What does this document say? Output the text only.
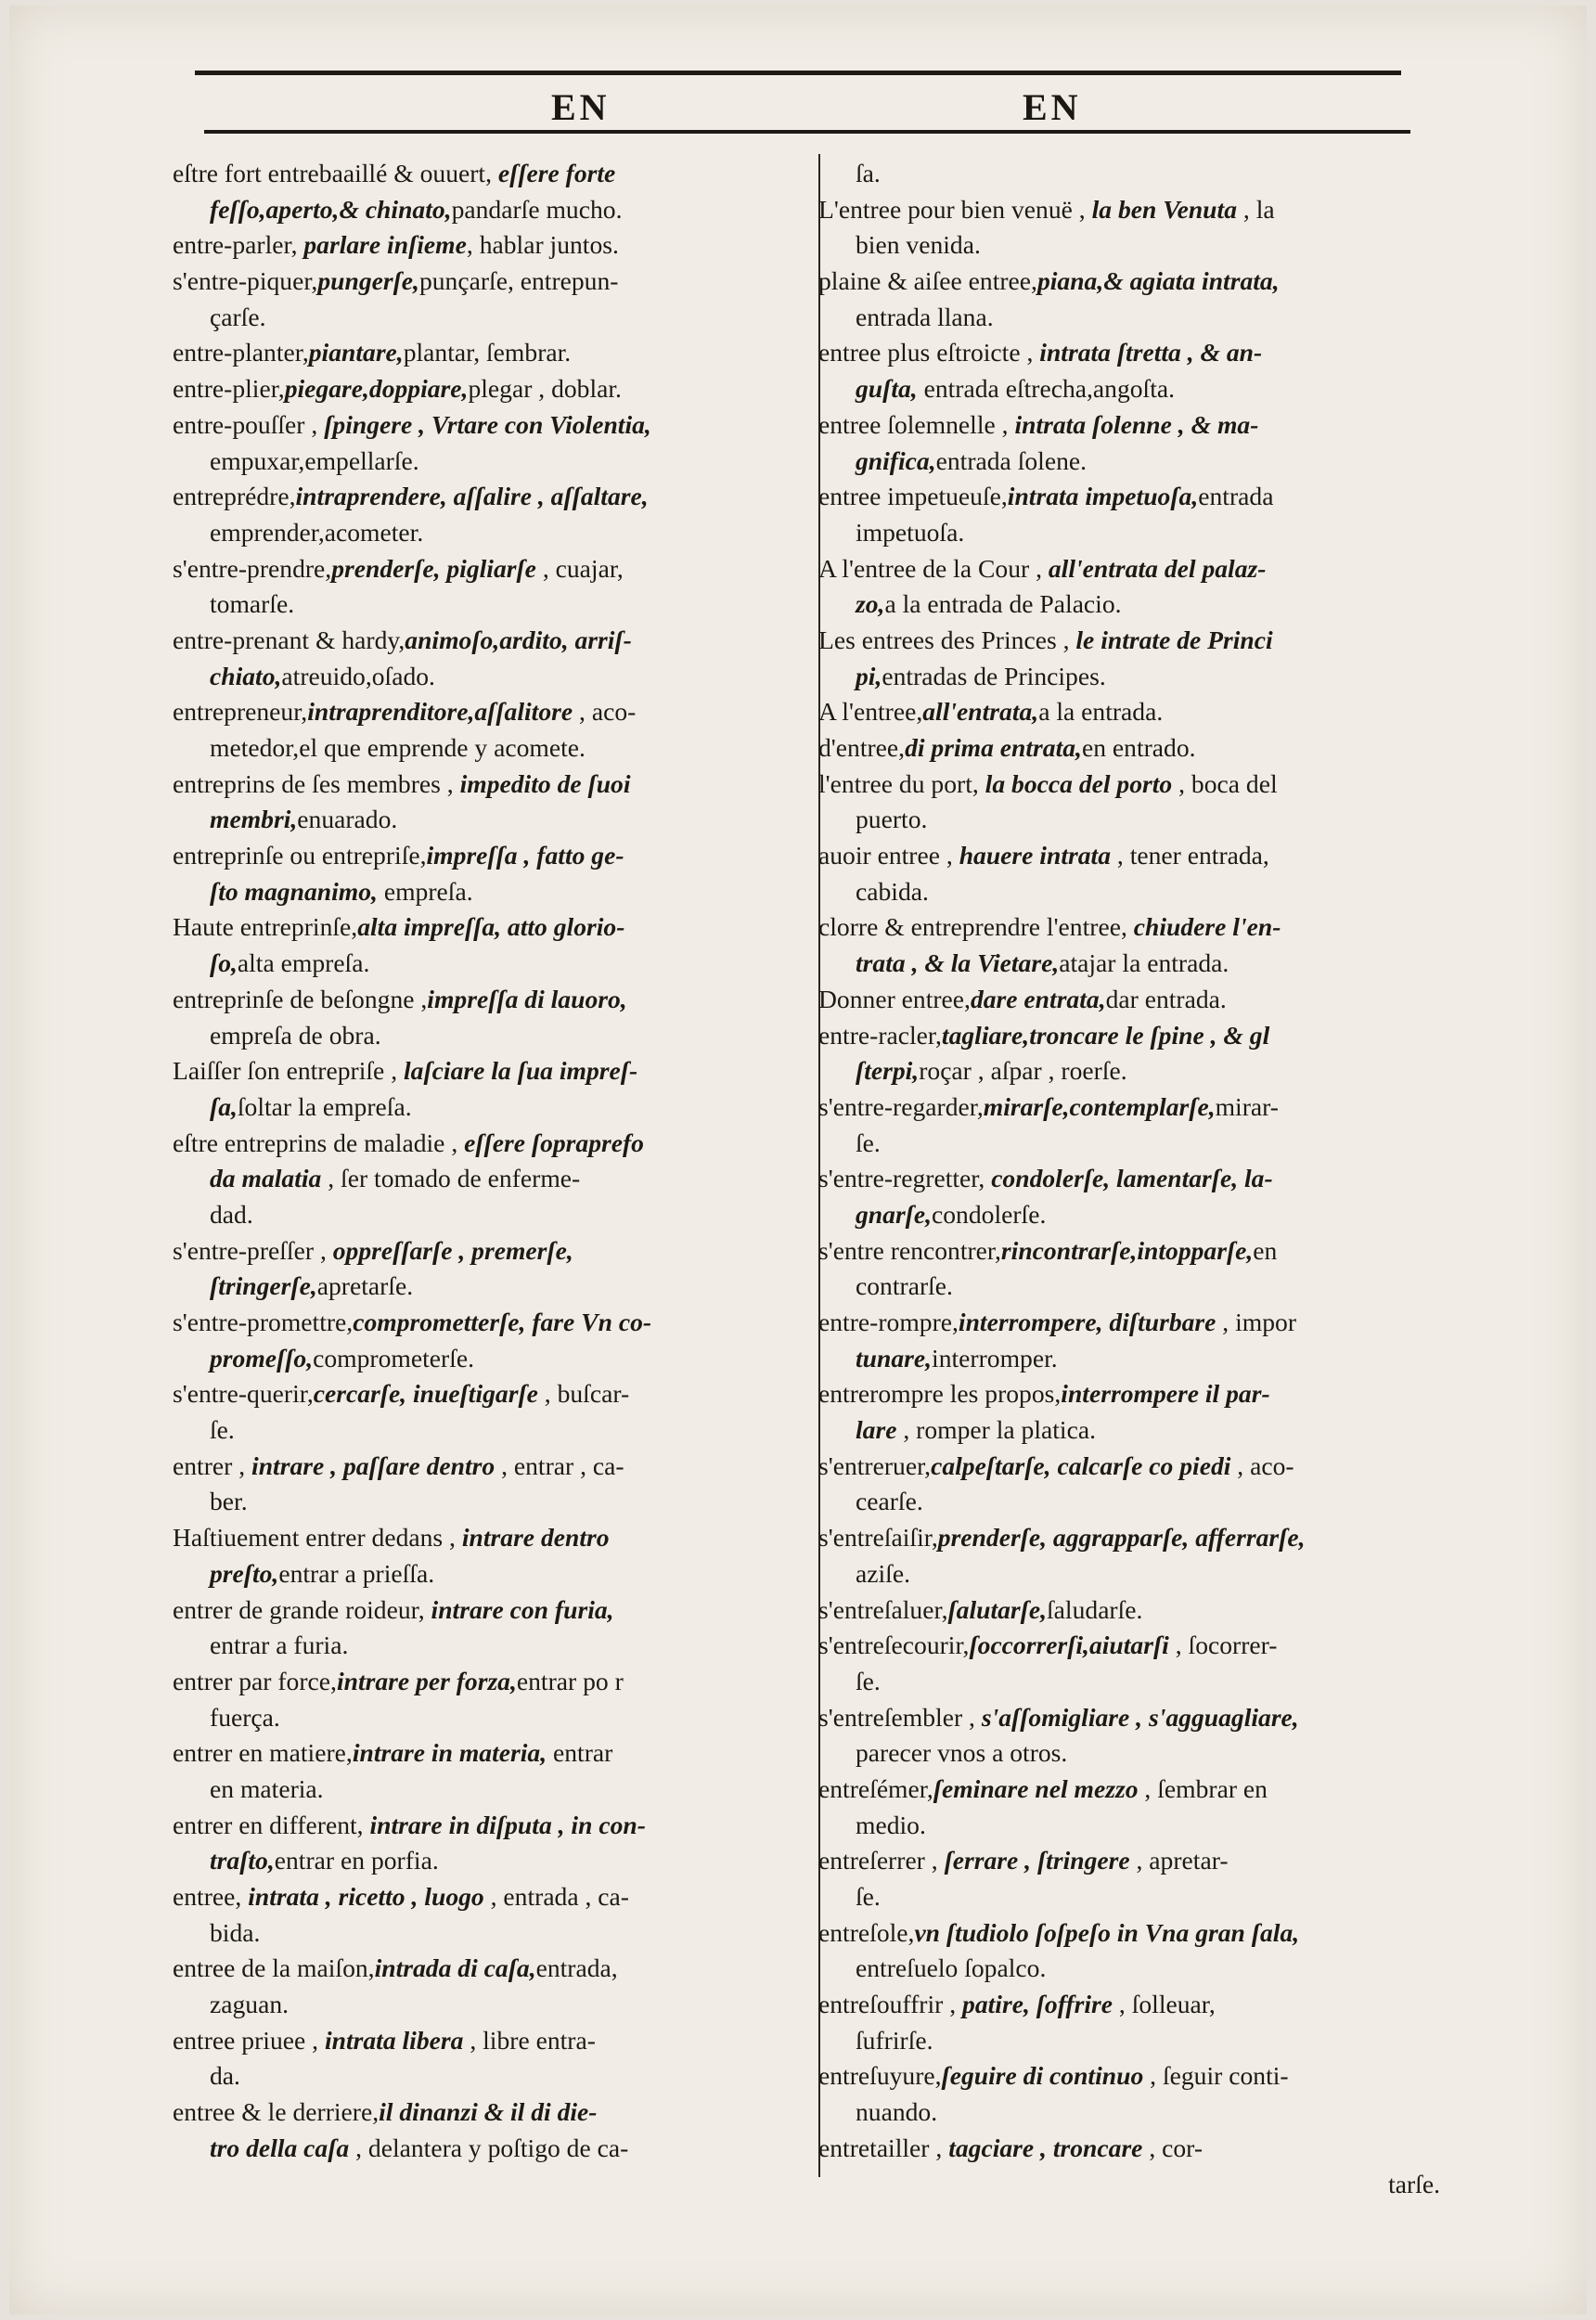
EN	EN
eſtre fort entrebaaillé & ouuert, eſſere forte
feſſo,aperto,& chinato,pandarſe mucho.
entre-parler, parlare inſieme, hablar juntos.
s'entre-piquer,pungerſe,punçarſe, entrepun-
çarſe.
entre-planter,piantare,plantar, ſembrar.
entre-plier,piegare,doppiare,plegar , doblar.
entre-pouſſer , ſpingere , Vrtare con Violentia,
empuxar,empellarſe.
entreprédre,intraprendere, aſſalire , aſſaltare,
emprender,acometer.
s'entre-prendre,prenderſe, pigliarſe , cuajar,
tomarſe.
entre-prenant & hardy,animoſo,ardito, arriſ-
chiato,atreuido,oſado.
entrepreneur,intraprenditore,aſſalitore , aco-
metedor,el que emprende y acomete.
entreprins de ſes membres , impedito de ſuoi
membri,enuarado.
entreprinſe ou entrepriſe,impreſſa , fatto ge-
ſto magnanimo, empreſa.
Haute entreprinſe,alta impreſſa, atto glorio-
ſo,alta empreſa.
entreprinſe de beſongne ,impreſſa di lauoro,
empreſa de obra.
Laiſſer ſon entrepriſe , laſciare la ſua impreſ-
ſa,ſoltar la empreſa.
eſtre entreprins de maladie , eſſere ſopraprefo
da malatia , ſer tomado de enferme-
dad.
s'entre-preſſer , oppreſſarſe , premerſe,
ſtringerſe,apretarſe.
s'entre-promettre,comprometterſe, fare Vn co-
promeſſo,comprometerſe.
s'entre-querir,cercarſe, inueſtigarſe , buſcar-
ſe.
entrer , intrare , paſſare dentro , entrar , ca-
ber.
Haſtiuement entrer dedans , intrare dentro
preſto,entrar a prieſſa.
entrer de grande roideur, intrare con furia,
entrar a furia.
entrer par force,intrare per forza,entrar po r
fuerça.
entrer en matiere,intrare in materia, entrar
en materia.
entrer en different, intrare in diſputa , in con-
traſto,entrar en porfia.
entree, intrata , ricetto , luogo , entrada , ca-
bida.
entree de la maiſon,intrada di caſa,entrada,
zaguan.
entree priuee , intrata libera , libre entra-
da.
entree & le derriere,il dinanzi & il di die-
tro della caſa , delantera y poſtigo de ca-
ſa.
L'entree pour bien venuë , la ben Venuta , la
bien venida.
plaine & aiſee entree,piana,& agiata intrata,
entrada llana.
entree plus eſtroicte , intrata ſtretta , & an-
guſta, entrada eſtrecha,angoſta.
entree ſolemnelle , intrata ſolenne , & ma-
gnifica,entrada ſolene.
entree impetueuſe,intrata impetuoſa,entrada
impetuoſa.
A l'entree de la Cour , all'entrata del palaz-
zo,a la entrada de Palacio.
Les entrees des Princes , le intrate de Princi
pi,entradas de Principes.
A l'entree,all'entrata,a la entrada.
d'entree,di prima entrata,en entrado.
l'entree du port, la bocca del porto , boca del
puerto.
auoir entree , hauere intrata , tener entrada,
cabida.
clorre & entreprendre l'entree, chiudere l'en-
trata , & la Vietare,atajar la entrada.
Donner entree,dare entrata,dar entrada.
entre-racler,tagliare,troncare le ſpine , & gl
ſterpi,roçar , aſpar , roerſe.
s'entre-regarder,mirarſe,contemplarſe,mirar-
ſe.
s'entre-regretter, condolerſe, lamentarſe, la-
gnarſe,condolerſe.
s'entre rencontrer,rincontrarſe,intopparſe,en
contrarſe.
entre-rompre,interrompere, diſturbare , impor
tunare,interromper.
entrerompre les propos,interrompere il par-
lare , romper la platica.
s'entreruer,calpeſtarſe, calcarſe co piedi , aco-
cearſe.
s'entreſaiſir,prenderſe, aggrapparſe, afferrarſe,
aziſe.
s'entreſaluer,ſalutarſe,ſaludarſe.
s'entreſecourir,ſoccorrerſi,aiutarſi , ſocorrer-
ſe.
s'entreſembler , s'aſſomigliare , s'agguagliare,
parecer vnos a otros.
entreſémer,ſeminare nel mezzo , ſembrar en
medio.
entreſerrer , ſerrare , ſtringere , apretar-
ſe.
entreſole,vn ſtudiolo ſoſpeſo in Vna gran ſala,
entreſuelo ſopalco.
entreſouffrir , patire, ſoffrire , ſolleuar,
ſufrirſe.
entreſuyure,ſeguire di continuo , ſeguir conti-
nuando.
entretailler , tagciare , troncare , cor-
tarſe.
